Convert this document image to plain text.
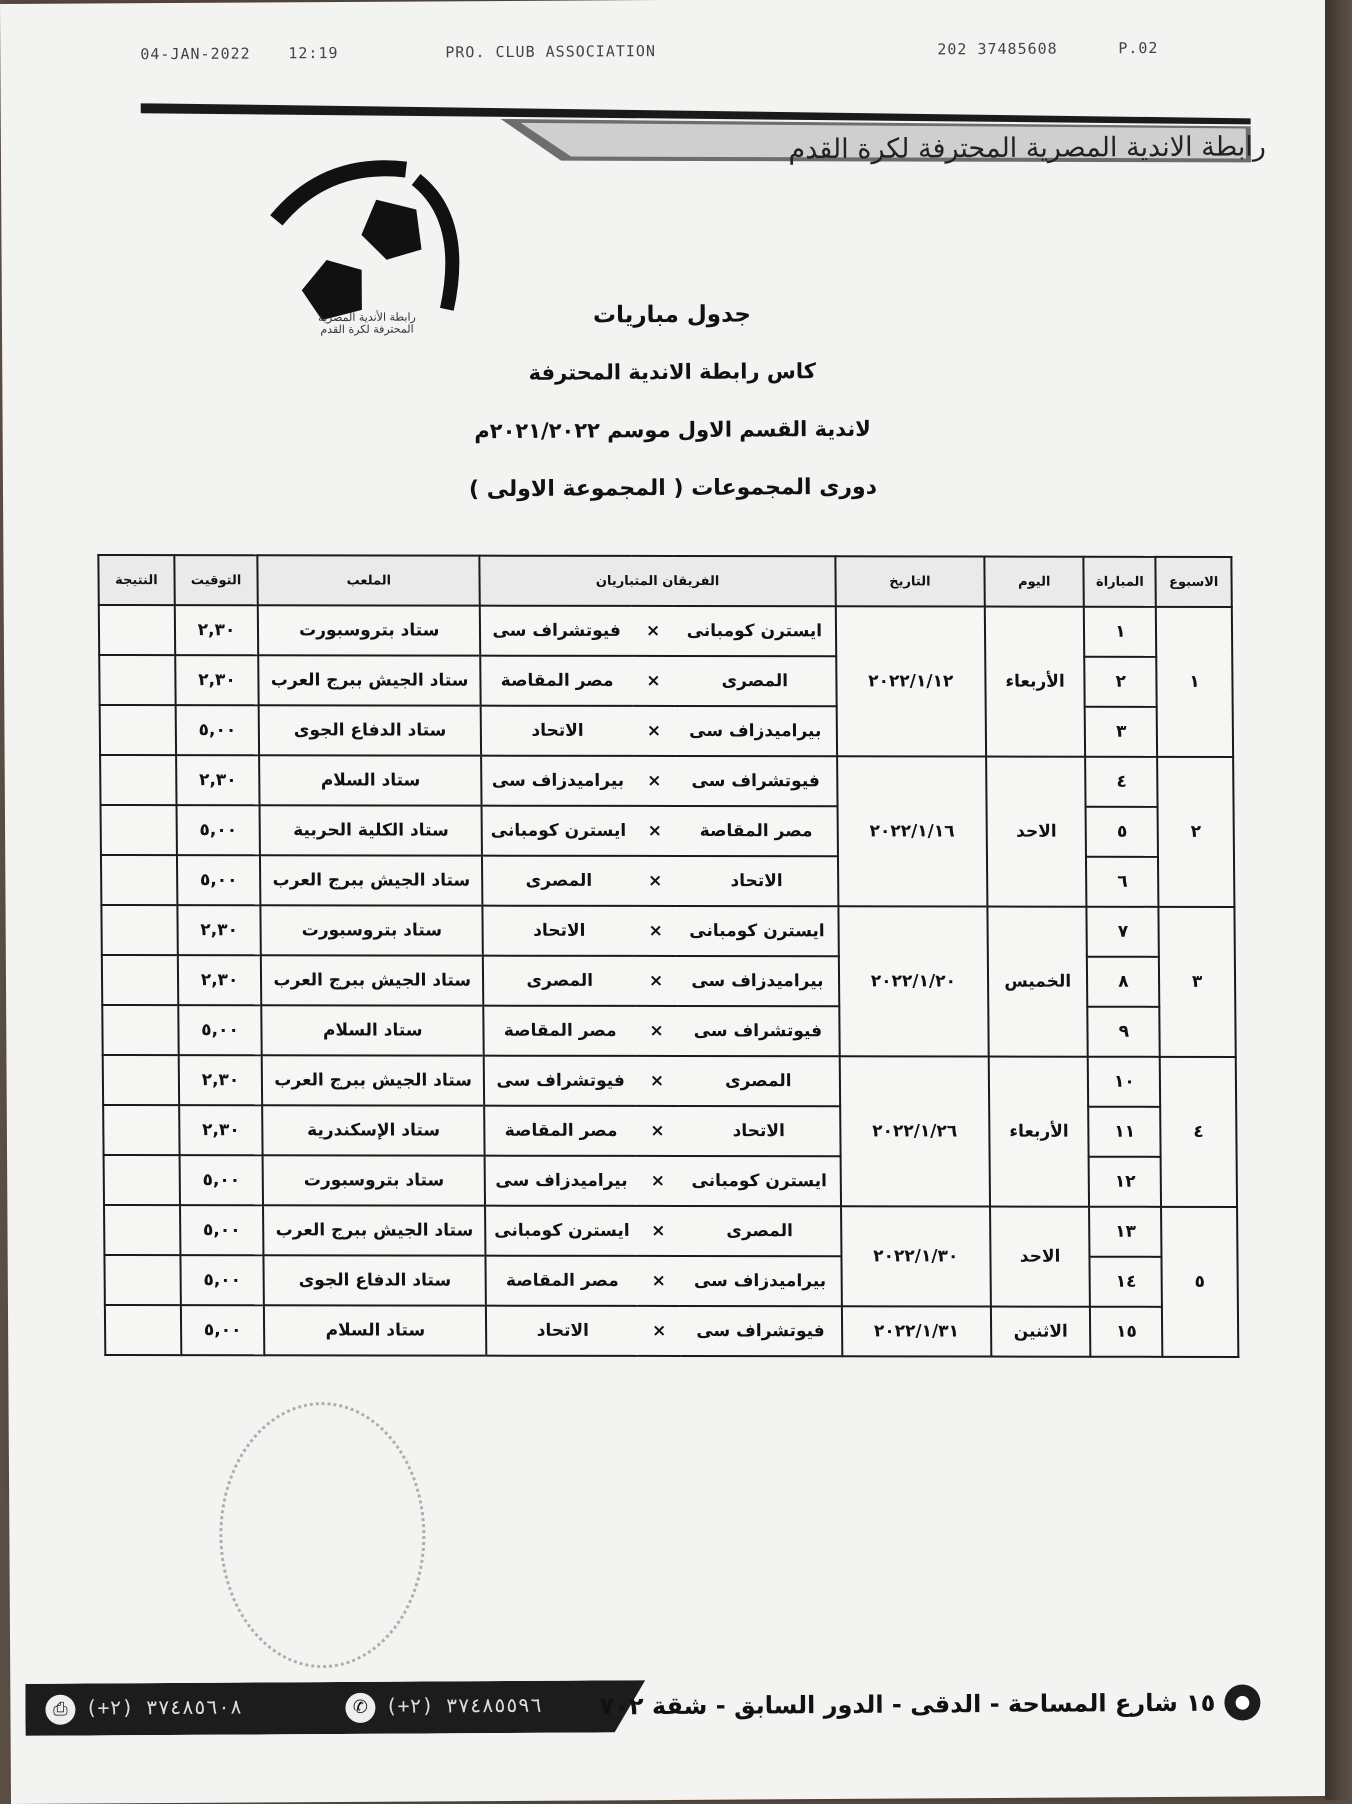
04-JAN-2022	12:19	PRO. CLUB ASSOCIATION	202 37485608	P.02
رابطة الاندية المصرية المحترفة لكرة القدم
رابطة الأندية المصرية المحترفة لكرة القدم
جدول مباريات
كاس رابطة الاندية المحترفة
لاندية القسم الاول موسم ٢٠٢١/٢٠٢٢م
دورى المجموعات ( المجموعة الاولى )
الاسبوع	المباراة	اليوم	التاريخ	الفريقان المتباريان			الملعب	التوقيت	النتيجة
١	١	الأربعاء	٢٠٢٢/١/١٢	ايسترن كومبانى	×	فيوتشراف سى	ستاد بتروسبورت	٢,٣٠	
	٢			المصرى	×	مصر المقاصة	ستاد الجيش ببرج العرب	٢,٣٠	
	٣			بيراميدزاف سى	×	الاتحاد	ستاد الدفاع الجوى	٥,٠٠	
٢	٤	الاحد	٢٠٢٢/١/١٦	فيوتشراف سى	×	بيراميدزاف سى	ستاد السلام	٢,٣٠	
	٥			مصر المقاصة	×	ايسترن كومبانى	ستاد الكلية الحربية	٥,٠٠	
	٦			الاتحاد	×	المصرى	ستاد الجيش ببرج العرب	٥,٠٠	
٣	٧	الخميس	٢٠٢٢/١/٢٠	ايسترن كومبانى	×	الاتحاد	ستاد بتروسبورت	٢,٣٠	
	٨			بيراميدزاف سى	×	المصرى	ستاد الجيش ببرج العرب	٢,٣٠	
	٩			فيوتشراف سى	×	مصر المقاصة	ستاد السلام	٥,٠٠	
٤	١٠	الأربعاء	٢٠٢٢/١/٢٦	المصرى	×	فيوتشراف سى	ستاد الجيش ببرج العرب	٢,٣٠	
	١١			الاتحاد	×	مصر المقاصة	ستاد الإسكندرية	٢,٣٠	
	١٢			ايسترن كومبانى	×	بيراميدزاف سى	ستاد بتروسبورت	٥,٠٠	
٥	١٣	الاحد	٢٠٢٢/١/٣٠	المصرى	×	ايسترن كومبانى	ستاد الجيش ببرج العرب	٥,٠٠	
	١٤			بيراميدزاف سى	×	مصر المقاصة	ستاد الدفاع الجوى	٥,٠٠	
	١٥	الاثنين	٢٠٢٢/١/٣١	فيوتشراف سى	×	الاتحاد	ستاد السلام	٥,٠٠	
⎙ (+٢) ٣٧٤٨٥٦٠٨	✆ (+٢) ٣٧٤٨٥٥٩٦ ١٥ شارع المساحة - الدقى - الدور السابق - شقة ٧٠٢	●
